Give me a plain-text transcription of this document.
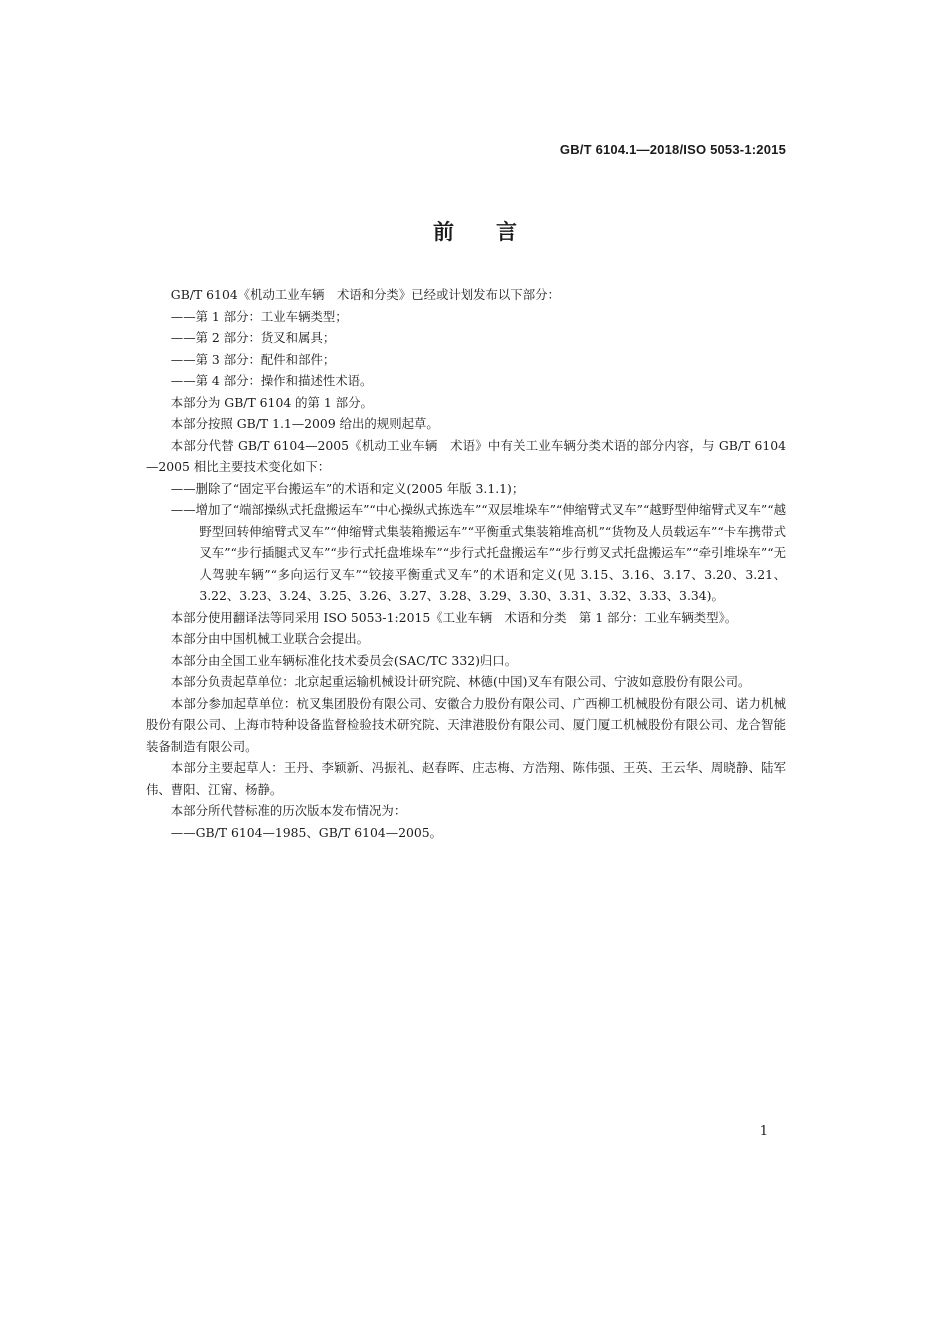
GB/T 6104.1—2018/ISO 5053-1:2015
前言

GB/T 6104《机动工业车辆　术语和分类》已经或计划发布以下部分：

——第 1 部分：工业车辆类型；

——第 2 部分：货叉和属具；

——第 3 部分：配件和部件；

——第 4 部分：操作和描述性术语。

本部分为 GB/T 6104 的第 1 部分。

本部分按照 GB/T 1.1—2009 给出的规则起草。

本部分代替 GB/T 6104—2005《机动工业车辆　术语》中有关工业车辆分类术语的部分内容，与 GB/T 6104—2005 相比主要技术变化如下：

——删除了“固定平台搬运车”的术语和定义(2005 年版 3.1.1)；

——增加了“端部操纵式托盘搬运车”“中心操纵式拣选车”“双层堆垛车”“伸缩臂式叉车”“越野型伸缩臂式叉车”“越野型回转伸缩臂式叉车”“伸缩臂式集装箱搬运车”“平衡重式集装箱堆高机”“货物及人员载运车”“卡车携带式叉车”“步行插腿式叉车”“步行式托盘堆垛车”“步行式托盘搬运车”“步行剪叉式托盘搬运车”“牵引堆垛车”“无人驾驶车辆”“多向运行叉车”“铰接平衡重式叉车”的术语和定义(见 3.15、3.16、3.17、3.20、3.21、3.22、3.23、3.24、3.25、3.26、3.27、3.28、3.29、3.30、3.31、3.32、3.33、3.34)。

本部分使用翻译法等同采用 ISO 5053-1:2015《工业车辆　术语和分类　第 1 部分：工业车辆类型》。

本部分由中国机械工业联合会提出。

本部分由全国工业车辆标准化技术委员会(SAC/TC 332)归口。

本部分负责起草单位：北京起重运输机械设计研究院、林德(中国)叉车有限公司、宁波如意股份有限公司。

本部分参加起草单位：杭叉集团股份有限公司、安徽合力股份有限公司、广西柳工机械股份有限公司、诺力机械股份有限公司、上海市特种设备监督检验技术研究院、天津港股份有限公司、厦门厦工机械股份有限公司、龙合智能装备制造有限公司。

本部分主要起草人：王丹、李颖新、冯振礼、赵春晖、庄志梅、方浩翔、陈伟强、王英、王云华、周晓静、陆军伟、曹阳、江甯、杨静。

本部分所代替标准的历次版本发布情况为：

——GB/T 6104—1985、GB/T 6104—2005。

1
